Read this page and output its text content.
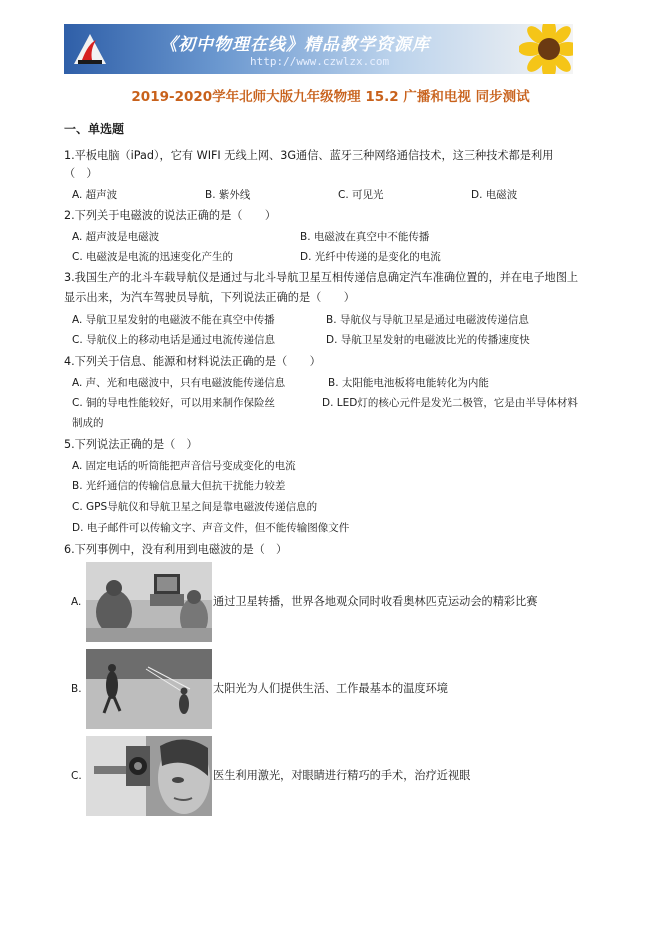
《初中物理在线》精品教学资源库
http://www.czwlzx.com
2019-2020学年北师大版九年级物理 15.2 广播和电视 同步测试
一、单选题
1.平板电脑（iPad），它有 WIFI 无线上网、3G通信、蓝牙三种网络通信技术，这三种技术都是利用
（　）
A. 超声波	B. 紫外线	C. 可见光	D. 电磁波
2.下列关于电磁波的说法正确的是（　　）
A. 超声波是电磁波	B. 电磁波在真空中不能传播
C. 电磁波是电流的迅速变化产生的	D. 光纤中传递的是变化的电流
3.我国生产的北斗车载导航仪是通过与北斗导航卫星互相传递信息确定汽车准确位置的，并在电子地图上
显示出来，为汽车驾驶员导航，下列说法正确的是（　　）
A. 导航卫星发射的电磁波不能在真空中传播	B. 导航仪与导航卫星是通过电磁波传递信息
C. 导航仪上的移动电话是通过电流传递信息	D. 导航卫星发射的电磁波比光的传播速度快
4.下列关于信息、能源和材料说法正确的是（　　）
A. 声、光和电磁波中，只有电磁波能传递信息	B. 太阳能电池板将电能转化为内能
C. 铜的导电性能较好，可以用来制作保险丝	D. LED灯的核心元件是发光二极管，它是由半导体材料
制成的
5.下列说法正确的是（　）
A. 固定电话的听筒能把声音信号变成变化的电流
B. 光纤通信的传输信息量大但抗干扰能力较差
C. GPS导航仪和导航卫星之间是靠电磁波传递信息的
D. 电子邮件可以传输文字、声音文件，但不能传输图像文件
6.下列事例中，没有利用到电磁波的是（　）
A.	通过卫星转播，世界各地观众同时收看奥林匹克运动会的精彩比赛
B.	太阳光为人们提供生活、工作最基本的温度环境
C.	医生利用激光，对眼睛进行精巧的手术，治疗近视眼
